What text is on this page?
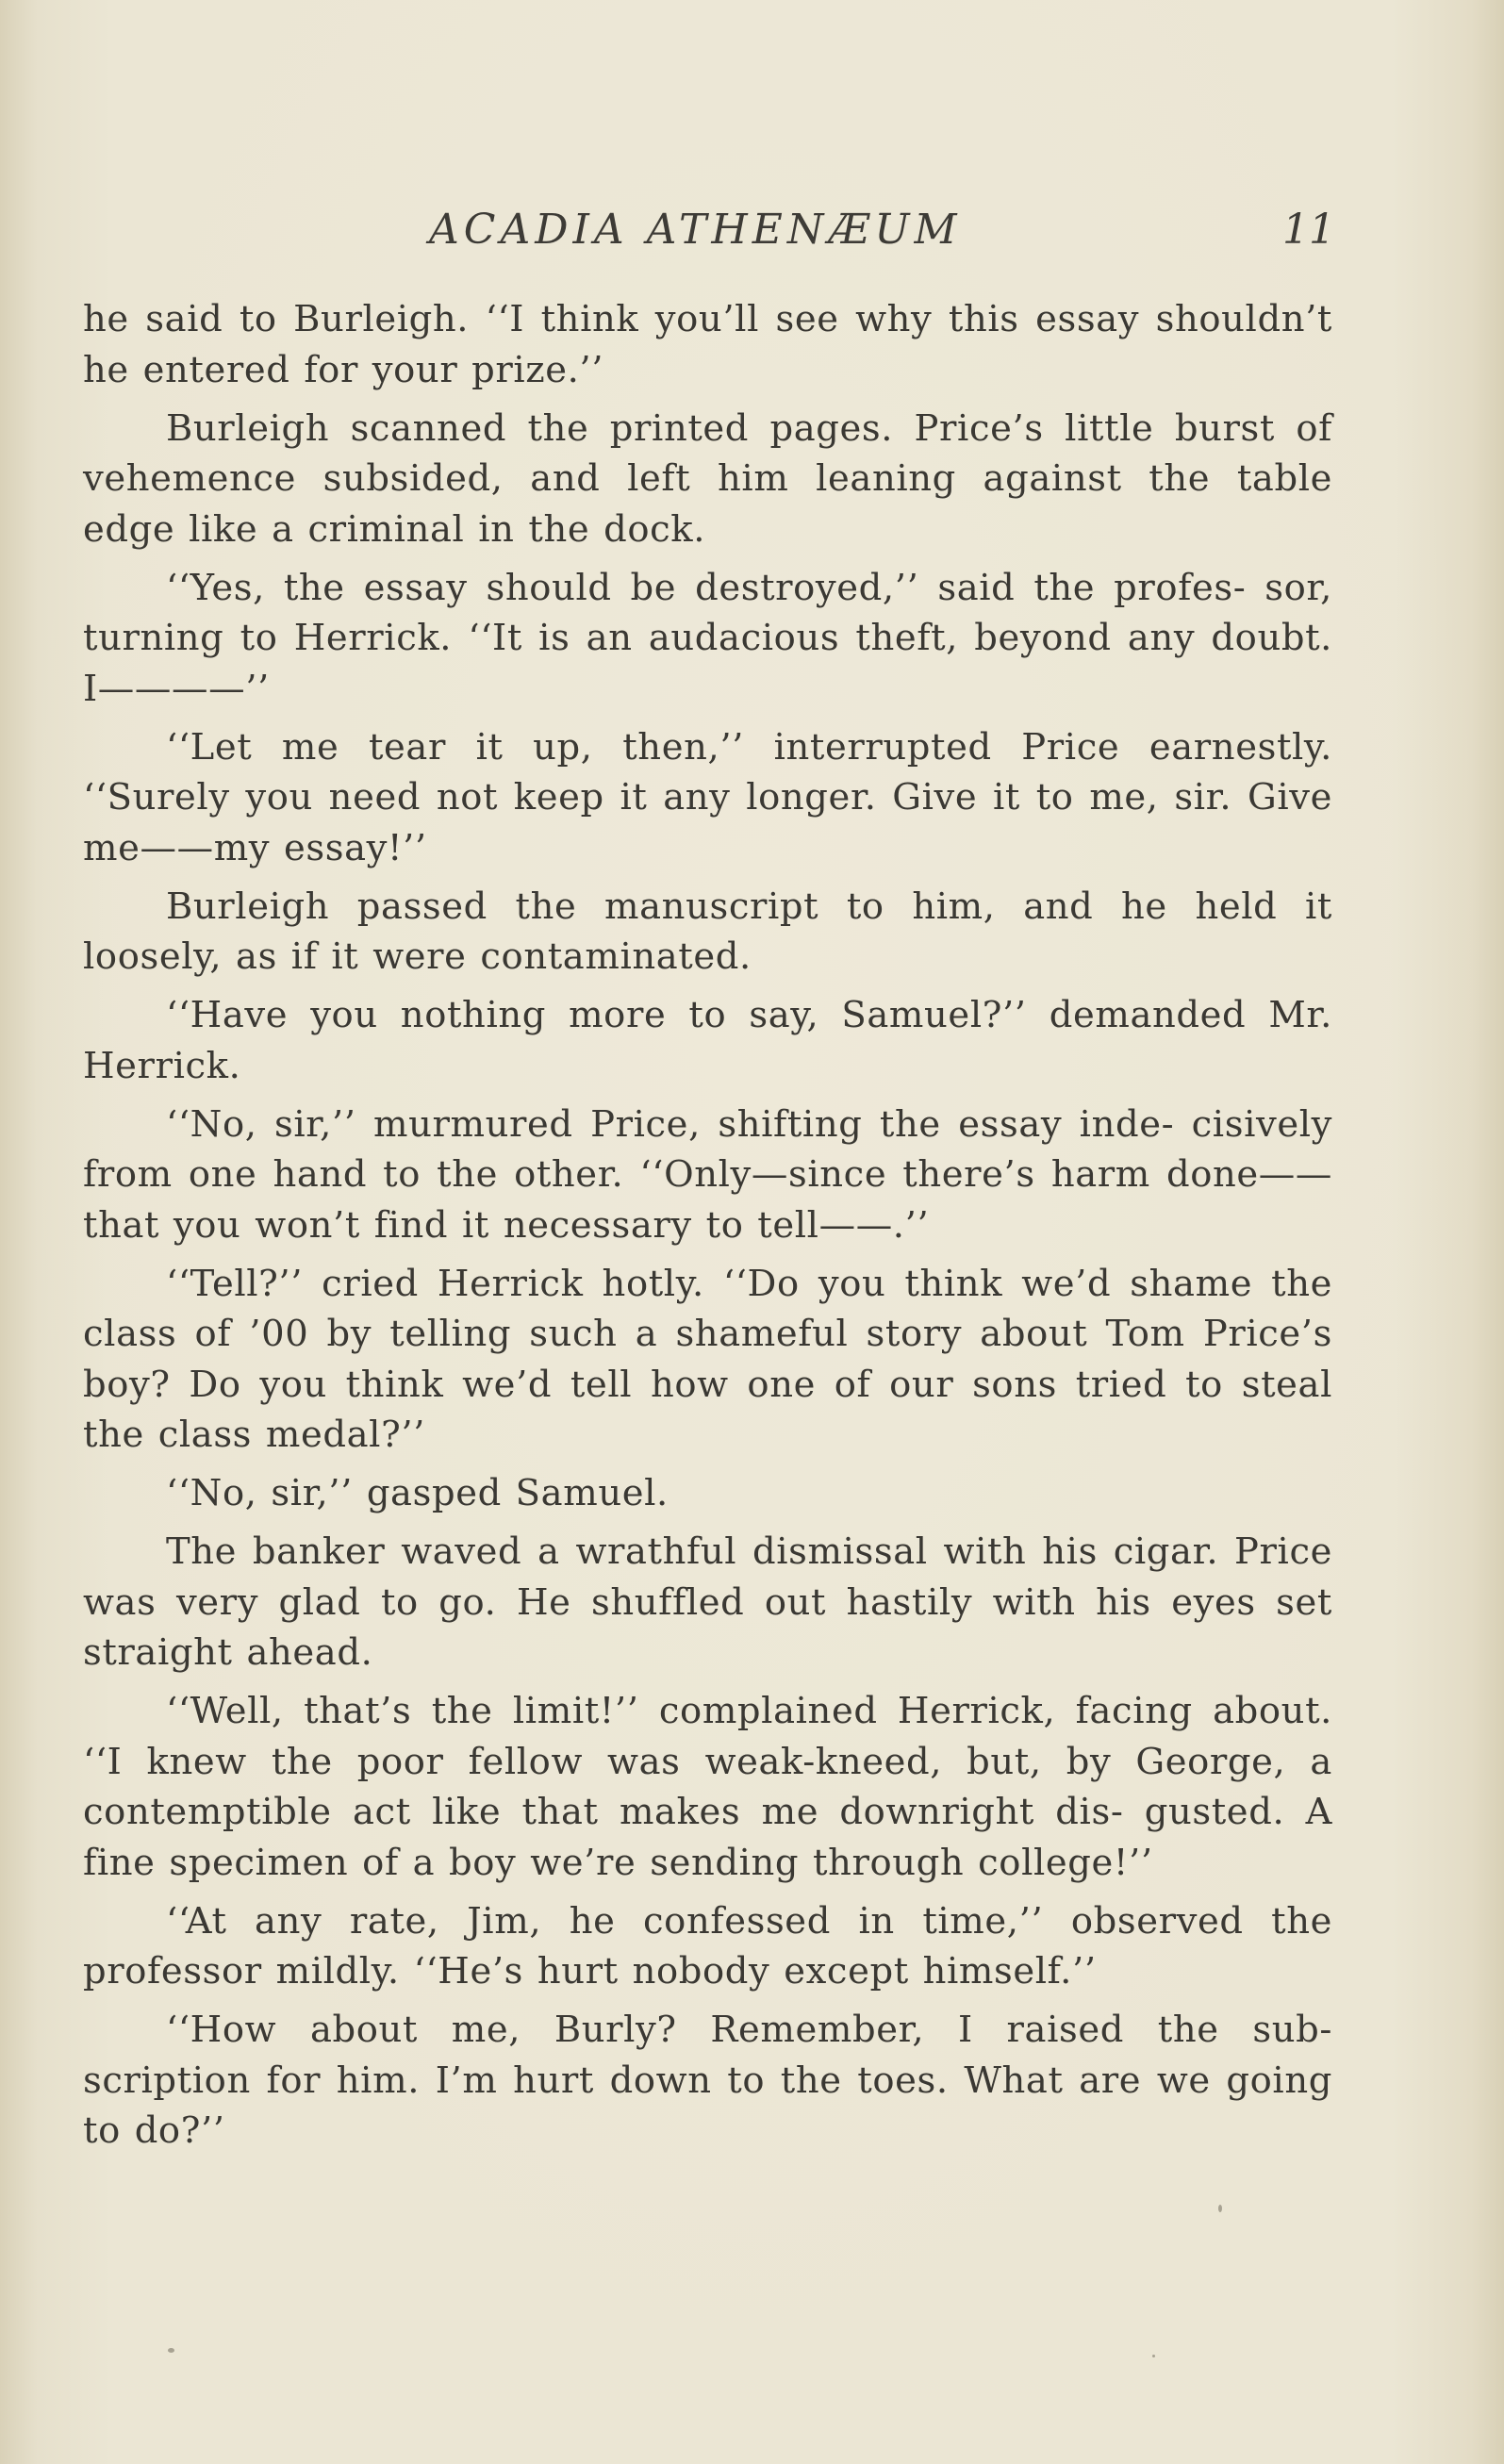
ACADIA ATHENÆUM	11

he said to Burleigh. ‘‘I think you’ll see why this essay shouldn’t he entered for your prize.’’

Burleigh scanned the printed pages. Price’s little burst of vehemence subsided, and left him leaning against the table edge like a criminal in the dock.

‘‘Yes, the essay should be destroyed,’’ said the profes- sor, turning to Herrick. ‘‘It is an audacious theft, beyond any doubt. I————’’

‘‘Let me tear it up, then,’’ interrupted Price earnestly. ‘‘Surely you need not keep it any longer. Give it to me, sir. Give me——my essay!’’

Burleigh passed the manuscript to him, and he held it loosely, as if it were contaminated.

‘‘Have you nothing more to say, Samuel?’’ demanded Mr. Herrick.

‘‘No, sir,’’ murmured Price, shifting the essay inde- cisively from one hand to the other. ‘‘Only—since there’s harm done——that you won’t find it necessary to tell——.’’

‘‘Tell?’’ cried Herrick hotly. ‘‘Do you think we’d shame the class of ’00 by telling such a shameful story about Tom Price’s boy? Do you think we’d tell how one of our sons tried to steal the class medal?’’

‘‘No, sir,’’ gasped Samuel.

The banker waved a wrathful dismissal with his cigar. Price was very glad to go. He shuffled out hastily with his eyes set straight ahead.

‘‘Well, that’s the limit!’’ complained Herrick, facing about. ‘‘I knew the poor fellow was weak-kneed, but, by George, a contemptible act like that makes me downright dis- gusted. A fine specimen of a boy we’re sending through college!’’

‘‘At any rate, Jim, he confessed in time,’’ observed the professor mildly. ‘‘He’s hurt nobody except himself.’’

‘‘How about me, Burly? Remember, I raised the sub- scription for him. I’m hurt down to the toes. What are we going to do?’’
